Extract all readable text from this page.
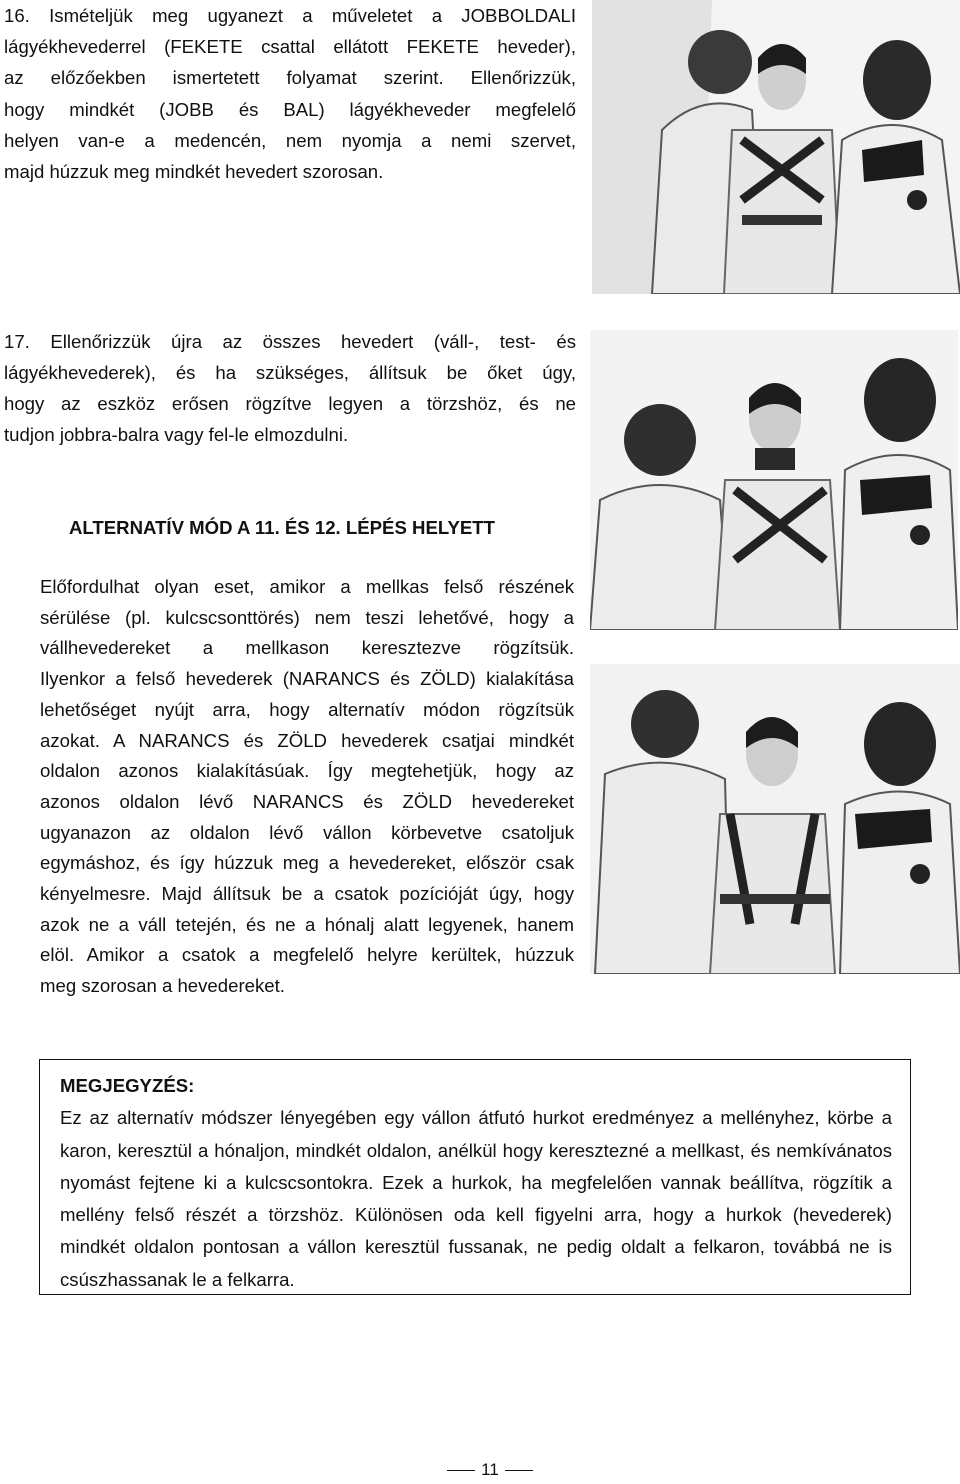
16. Ismételjük meg ugyanezt a műveletet a JOBBOLDALI

lágyékhevederrel (FEKETE csattal ellátott FEKETE heveder),

az előzőekben ismertetett folyamat szerint. Ellenőrizzük,

hogy mindkét (JOBB és BAL) lágyékheveder megfelelő

helyen van-e a medencén, nem nyomja a nemi szervet,

majd húzzuk meg mindkét hevedert szorosan.

17. Ellenőrizzük újra az összes hevedert (váll-, test- és

lágyékhevederek), és ha szükséges, állítsuk be őket úgy,

hogy az eszköz erősen rögzítve legyen a törzshöz, és ne

tudjon jobbra-balra vagy fel-le elmozdulni.

ALTERNATÍV MÓD A 11. ÉS 12. LÉPÉS HELYETT

Előfordulhat olyan eset, amikor a mellkas felső részének

sérülése (pl. kulcscsonttörés) nem teszi lehetővé, hogy a

vállhevedereket a mellkason keresztezve rögzítsük.

Ilyenkor a felső hevederek (NARANCS és ZÖLD) kialakítása

lehetőséget nyújt arra, hogy alternatív módon rögzítsük

azokat. A NARANCS és ZÖLD hevederek csatjai mindkét

oldalon azonos kialakításúak. Így megtehetjük, hogy az

azonos oldalon lévő NARANCS és ZÖLD hevedereket

ugyanazon az oldalon lévő vállon körbevetve csatoljuk

egymáshoz, és így húzzuk meg a hevedereket, először csak

kényelmesre. Majd állítsuk be a csatok pozícióját úgy, hogy

azok ne a váll tetején, és ne a hónalj alatt legyenek, hanem

elöl. Amikor a csatok a megfelelő helyre kerültek, húzzuk

meg szorosan a hevedereket.

MEGJEGYZÉS:

Ez az alternatív módszer lényegében egy vállon átfutó hurkot eredményez a mellényhez, körbe a

karon, keresztül a hónaljon, mindkét oldalon, anélkül hogy keresztezné a mellkast, és nemkívánatos

nyomást fejtene ki a kulcscsontokra. Ezek a hurkok, ha megfelelően vannak beállítva, rögzítik a

mellény felső részét a törzshöz. Különösen oda kell figyelni arra, hogy a hurkok (hevederek)

mindkét oldalon pontosan a vállon keresztül fussanak, ne pedig oldalt a felkaron, továbbá ne is

csúszhassanak le a felkarra.

11
